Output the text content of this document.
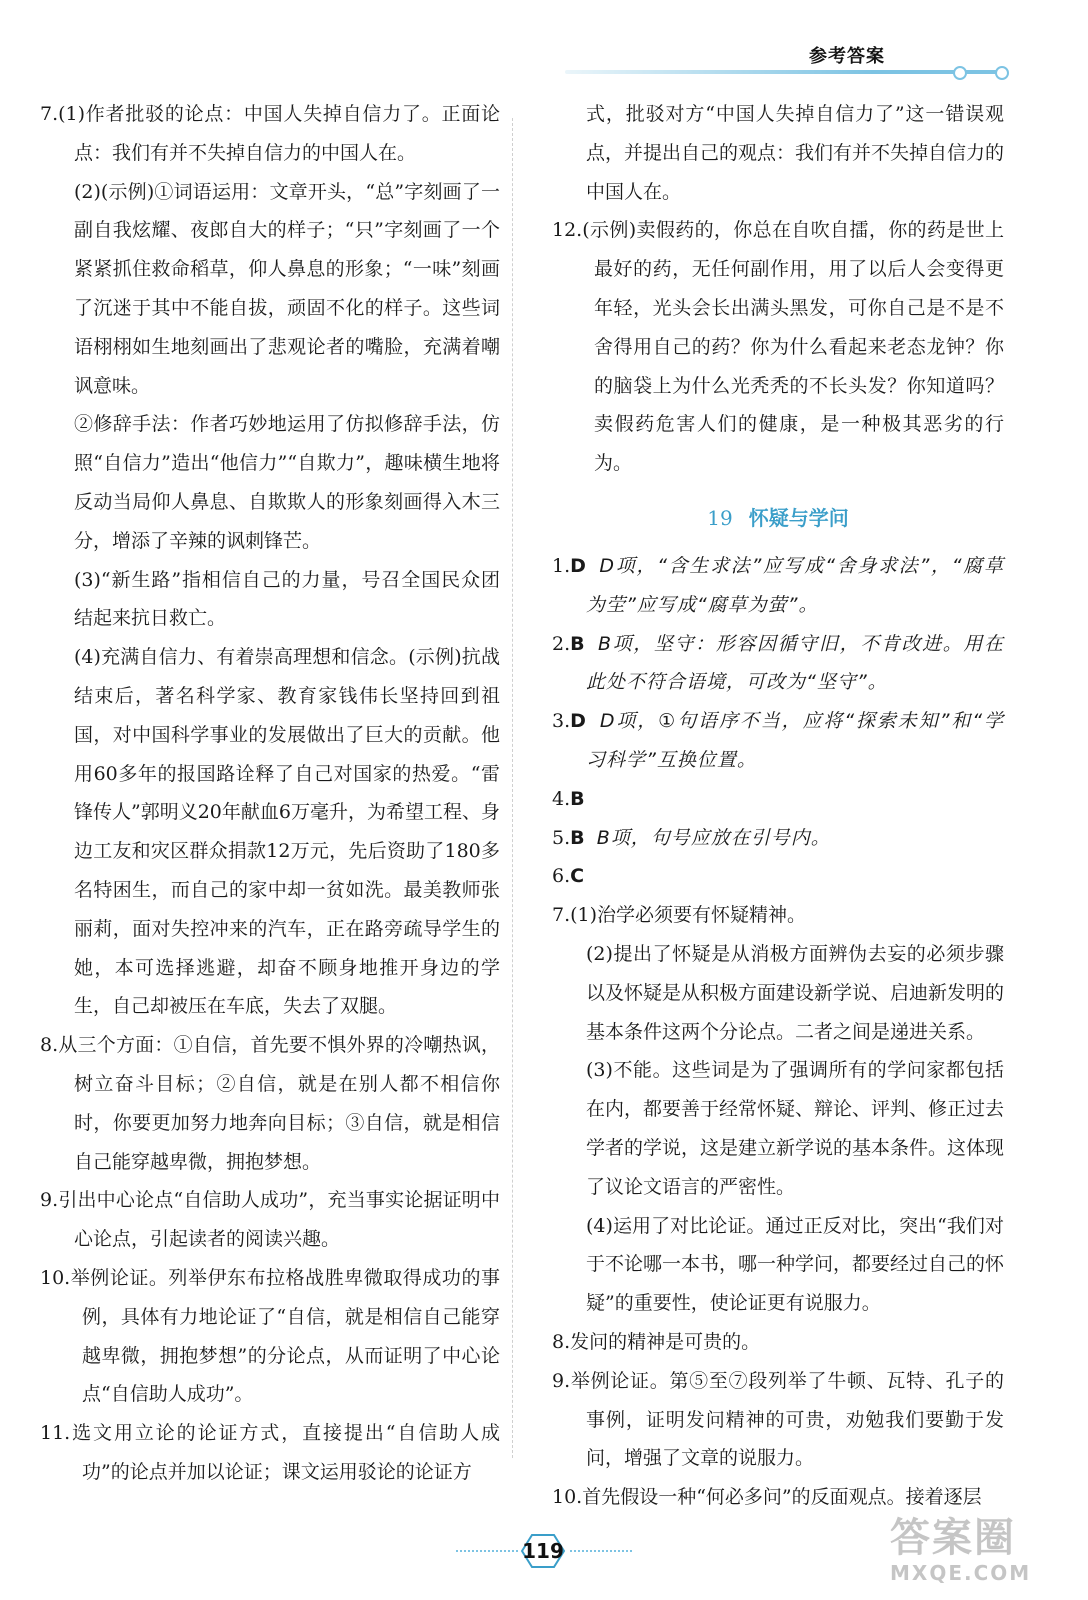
参考答案

7.(1)作者批驳的论点：中国人失掉自信力了。正面论点：我们有并不失掉自信力的中国人在。

(2)(示例)①词语运用：文章开头，“总”字刻画了一副自我炫耀、夜郎自大的样子；“只”字刻画了一个紧紧抓住救命稻草，仰人鼻息的形象；“一味”刻画了沉迷于其中不能自拔，顽固不化的样子。这些词语栩栩如生地刻画出了悲观论者的嘴脸，充满着嘲讽意味。

②修辞手法：作者巧妙地运用了仿拟修辞手法，仿照“自信力”造出“他信力”“自欺力”，趣味横生地将反动当局仰人鼻息、自欺欺人的形象刻画得入木三分，增添了辛辣的讽刺锋芒。

(3)“新生路”指相信自己的力量，号召全国民众团结起来抗日救亡。

(4)充满自信力、有着崇高理想和信念。(示例)抗战结束后，著名科学家、教育家钱伟长坚持回到祖国，对中国科学事业的发展做出了巨大的贡献。他用60多年的报国路诠释了自己对国家的热爱。“雷锋传人”郭明义20年献血6万毫升，为希望工程、身边工友和灾区群众捐款12万元，先后资助了180多名特困生，而自己的家中却一贫如洗。最美教师张丽莉，面对失控冲来的汽车，正在路旁疏导学生的她，本可选择逃避，却奋不顾身地推开身边的学生，自己却被压在车底，失去了双腿。

8.从三个方面：①自信，首先要不惧外界的冷嘲热讽，树立奋斗目标；②自信，就是在别人都不相信你时，你要更加努力地奔向目标；③自信，就是相信自己能穿越卑微，拥抱梦想。

9.引出中心论点“自信助人成功”，充当事实论据证明中心论点，引起读者的阅读兴趣。

10.举例论证。列举伊东布拉格战胜卑微取得成功的事例，具体有力地论证了“自信，就是相信自己能穿越卑微，拥抱梦想”的分论点，从而证明了中心论点“自信助人成功”。

11.选文用立论的论证方式，直接提出“自信助人成功”的论点并加以论证；课文运用驳论的论证方

式，批驳对方“中国人失掉自信力了”这一错误观点，并提出自己的观点：我们有并不失掉自信力的中国人在。

12.(示例)卖假药的，你总在自吹自擂，你的药是世上最好的药，无任何副作用，用了以后人会变得更年轻，光头会长出满头黑发，可你自己是不是不舍得用自己的药？你为什么看起来老态龙钟？你的脑袋上为什么光秃秃的不长头发？你知道吗？卖假药危害人们的健康，是一种极其恶劣的行为。

19 怀疑与学问

1.D D项，“含生求法”应写成“舍身求法”，“腐草为茔”应写成“腐草为萤”。

2.B B项，坚守：形容因循守旧，不肯改进。用在此处不符合语境，可改为“坚守”。

3.D D项，①句语序不当，应将“探索未知”和“学习科学”互换位置。

4.B

5.B B项，句号应放在引号内。

6.C

7.(1)治学必须要有怀疑精神。

(2)提出了怀疑是从消极方面辨伪去妄的必须步骤以及怀疑是从积极方面建设新学说、启迪新发明的基本条件这两个分论点。二者之间是递进关系。

(3)不能。这些词是为了强调所有的学问家都包括在内，都要善于经常怀疑、辩论、评判、修正过去学者的学说，这是建立新学说的基本条件。这体现了议论文语言的严密性。

(4)运用了对比论证。通过正反对比，突出“我们对于不论哪一本书，哪一种学问，都要经过自己的怀疑”的重要性，使论证更有说服力。

8.发问的精神是可贵的。

9.举例论证。第⑤至⑦段列举了牛顿、瓦特、孔子的事例，证明发问精神的可贵，劝勉我们要勤于发问，增强了文章的说服力。

10.首先假设一种“何必多问”的反面观点。接着逐层

119	答案圈
MXQE.COM
